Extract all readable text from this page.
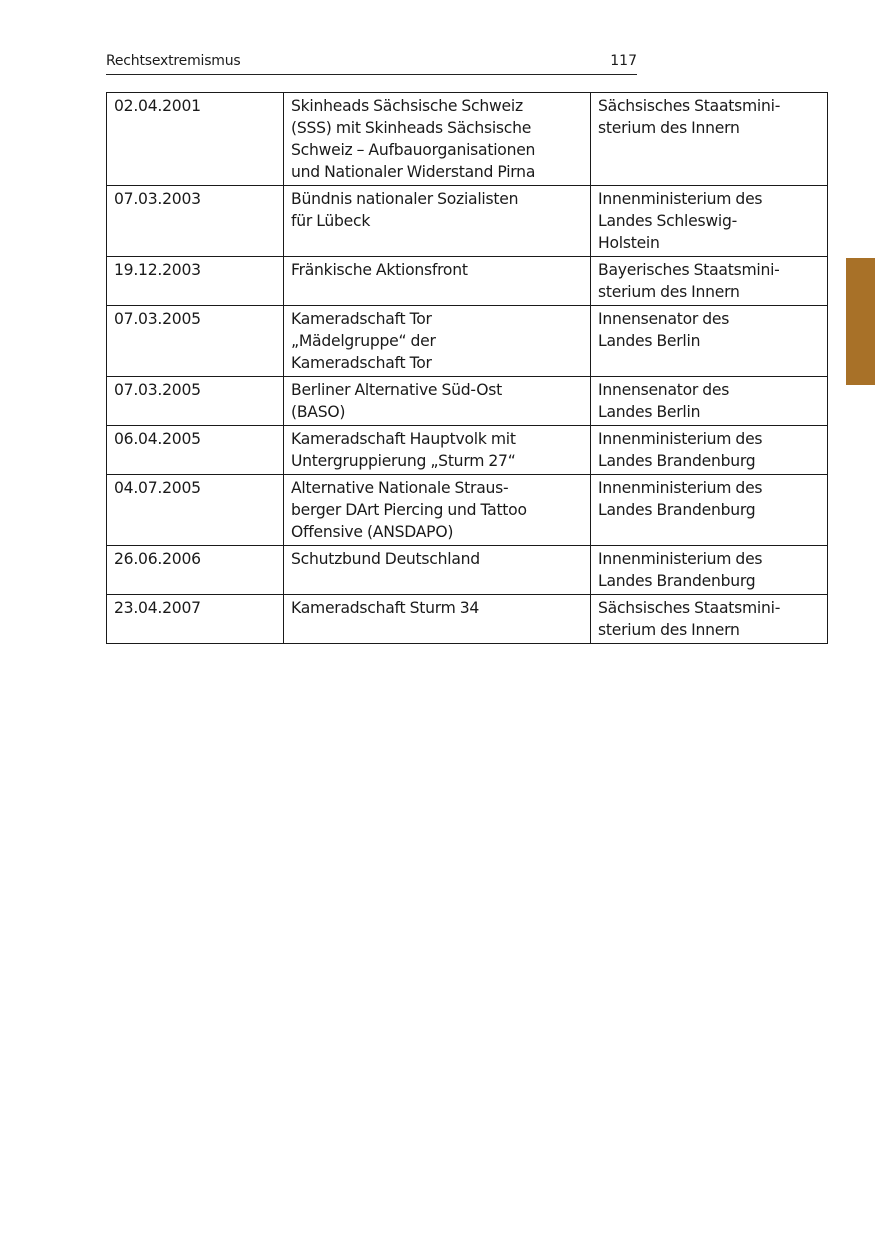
Rechtsextremismus	117
02.04.2001	Skinheads Sächsische Schweiz
(SSS) mit Skinheads Sächsische
Schweiz – Aufbauorganisationen
und Nationaler Widerstand Pirna	Sächsisches Staatsmini-
sterium des Innern

07.03.2003	Bündnis nationaler Sozialisten
für Lübeck	Innenministerium des
Landes Schleswig-
Holstein

19.12.2003	Fränkische Aktionsfront	Bayerisches Staatsmini-
sterium des Innern

07.03.2005	Kameradschaft Tor
„Mädelgruppe“ der
Kameradschaft Tor	Innensenator des
Landes Berlin

07.03.2005	Berliner Alternative Süd-Ost
(BASO)	Innensenator des
Landes Berlin

06.04.2005	Kameradschaft Hauptvolk mit
Untergruppierung „Sturm 27“	Innenministerium des
Landes Brandenburg

04.07.2005	Alternative Nationale Straus-
berger DArt Piercing und Tattoo
Offensive (ANSDAPO)	Innenministerium des
Landes Brandenburg

26.06.2006	Schutzbund Deutschland	Innenministerium des
Landes Brandenburg

23.04.2007	Kameradschaft Sturm 34	Sächsisches Staatsmini-
sterium des Innern
